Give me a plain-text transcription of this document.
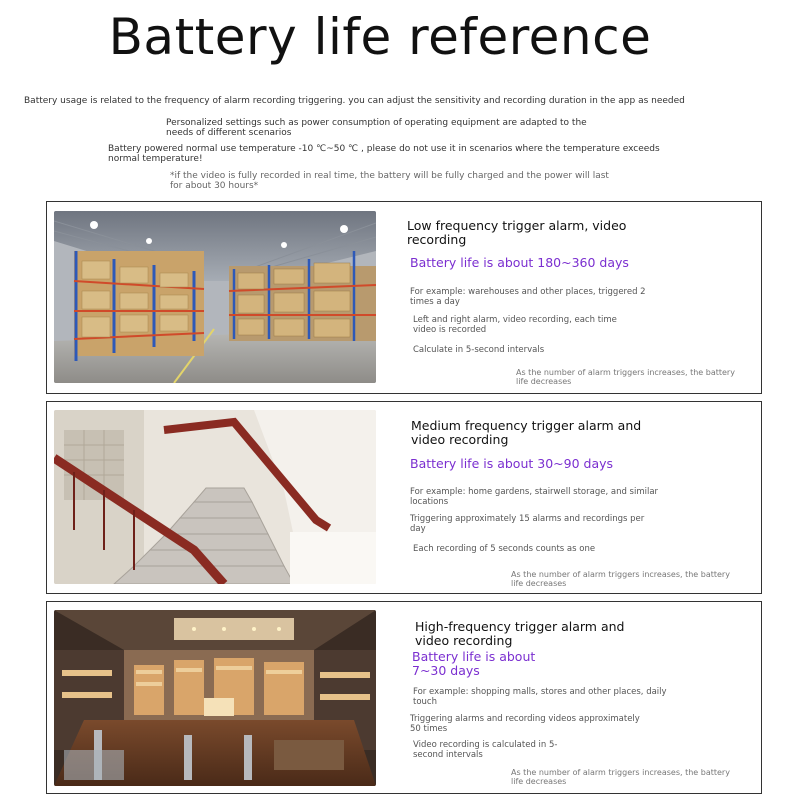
Battery life reference
Battery usage is related to the frequency of alarm recording triggering. you can adjust the sensitivity and recording duration in the app as needed
Personalized settings such as power consumption of operating equipment are adapted to the needs of different scenarios
Battery powered normal use temperature -10 ℃~50 ℃ , please do not use it in scenarios where the temperature exceeds normal temperature!
*if the video is fully recorded in real time, the battery will be fully charged and the power will last for about 30 hours*
Low frequency trigger alarm, video recording
Battery life is about 180~360 days
For example: warehouses and other places, triggered 2 times a day
Left and right alarm, video recording, each time video is recorded
Calculate in 5-second intervals
As the number of alarm triggers increases, the battery life decreases
Medium frequency trigger alarm and video recording
Battery life is about 30~90 days
For example: home gardens, stairwell storage, and similar locations
Triggering approximately 15 alarms and recordings per day
Each recording of 5 seconds counts as one
As the number of alarm triggers increases, the battery life decreases
High-frequency trigger alarm and video recording
Battery life is about 7~30 days
For example: shopping malls, stores and other places, daily touch
Triggering alarms and recording videos approximately 50 times
Video recording is calculated in 5-second intervals
As the number of alarm triggers increases, the battery life decreases
